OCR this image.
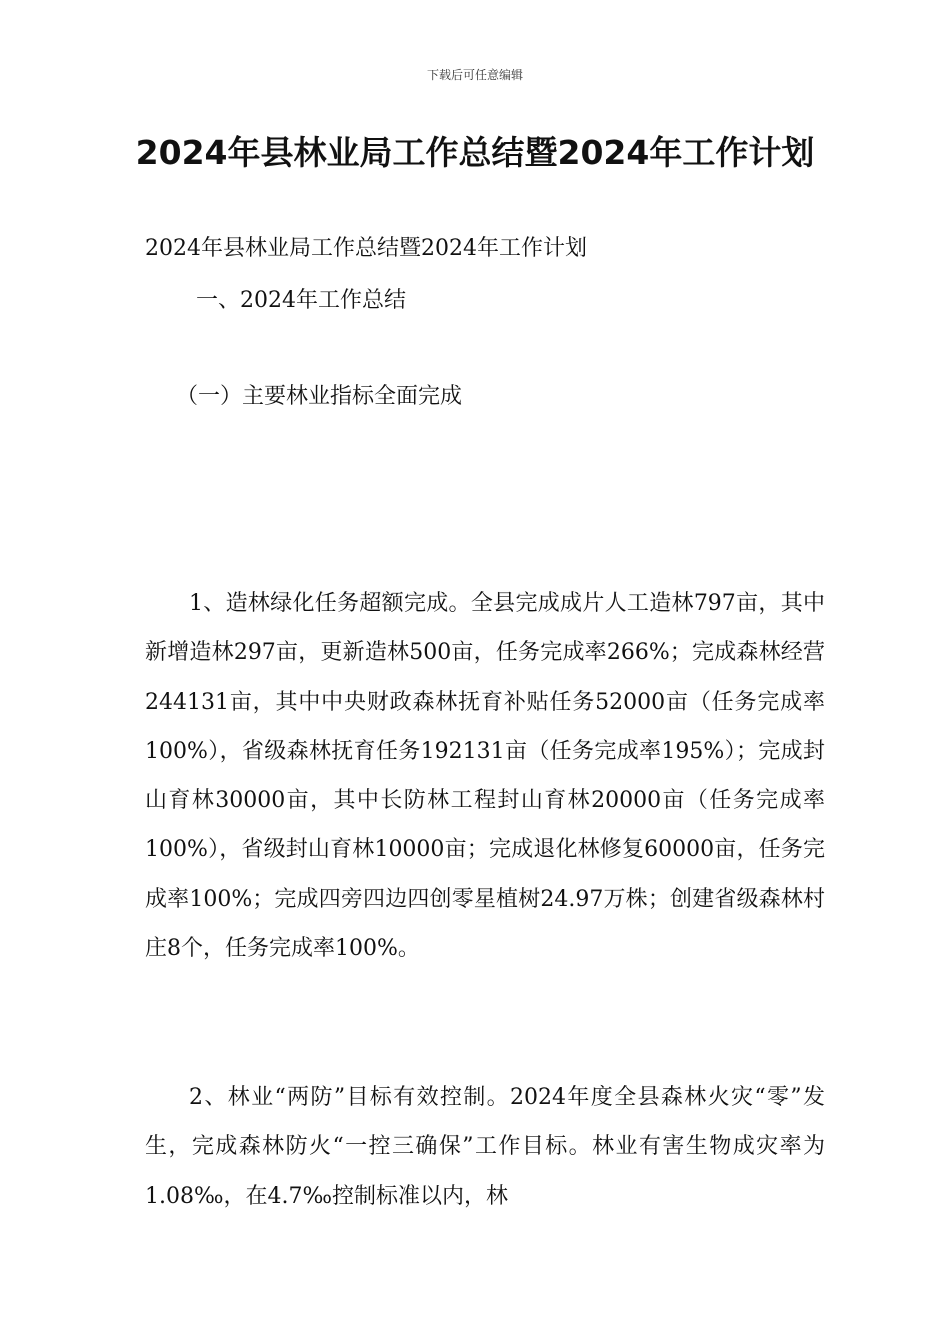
下载后可任意编辑
2024年县林业局工作总结暨2024年工作计划
2024年县林业局工作总结暨2024年工作计划
一、2024年工作总结
（一）主要林业指标全面完成

1、造林绿化任务超额完成。全县完成成片人工造林797亩，其中新增造林297亩，更新造林500亩，任务完成率266%；完成森林经营244131亩，其中中央财政森林抚育补贴任务52000亩（任务完成率100%），省级森林抚育任务192131亩（任务完成率195%）；完成封山育林30000亩，其中长防林工程封山育林20000亩（任务完成率100%），省级封山育林10000亩；完成退化林修复60000亩，任务完成率100%；完成四旁四边四创零星植树24.97万株；创建省级森林村庄8个，任务完成率100%。

2、林业“两防”目标有效控制。2024年度全县森林火灾“零”发生，完成森林防火“一控三确保”工作目标。林业有害生物成灾率为1.08‰，在4.7‰控制标准以内，林
